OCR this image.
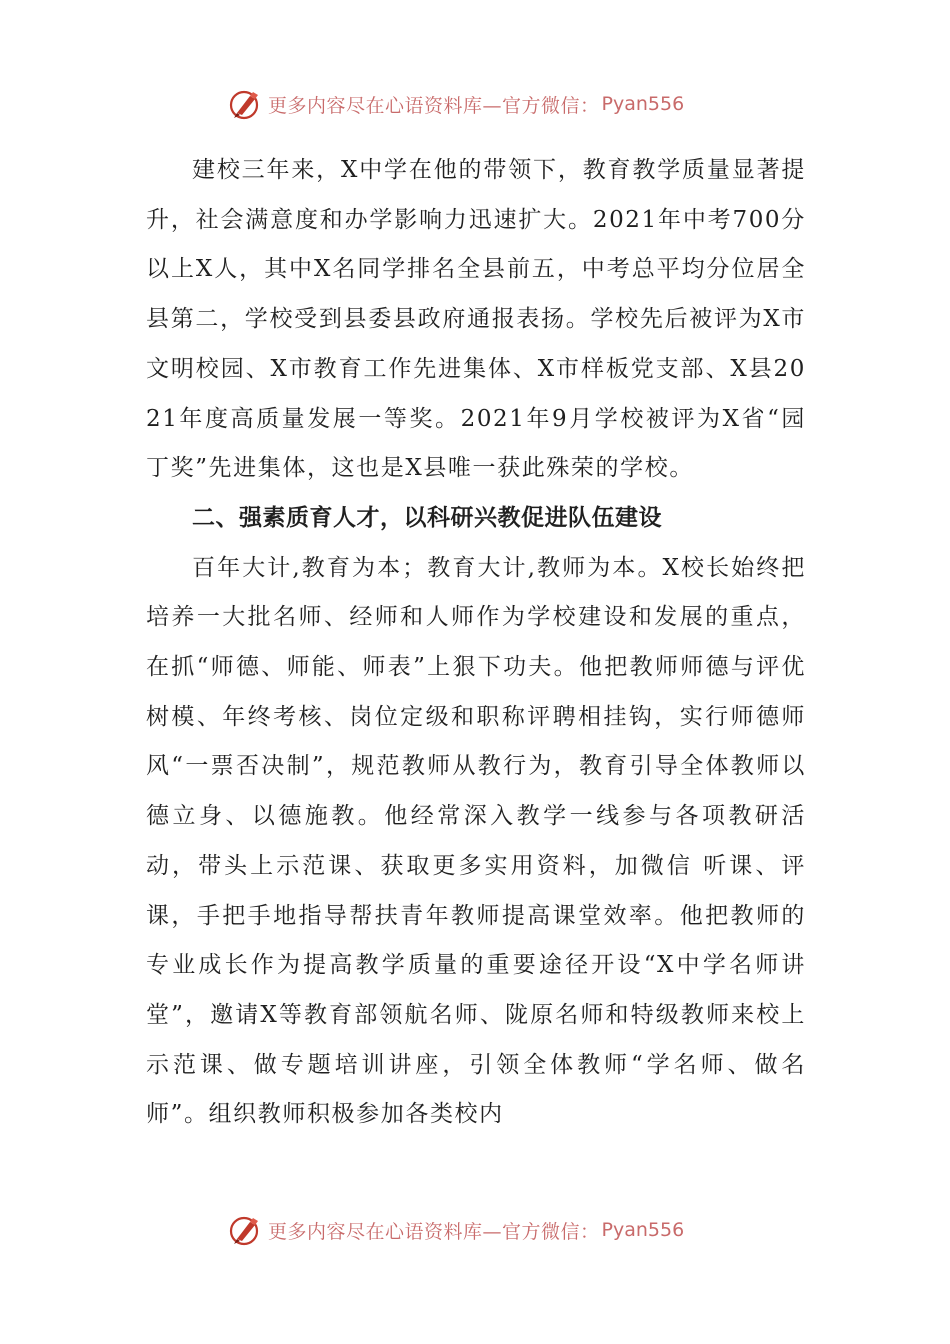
更多内容尽在心语资料库—官方微信： Pyan556

建校三年来，X中学在他的带领下，教育教学质量显著提升，社会满意度和办学影响力迅速扩大。2021年中考700分以上X人，其中X名同学排名全县前五，中考总平均分位居全县第二，学校受到县委县政府通报表扬。学校先后被评为X市文明校园、X市教育工作先进集体、X市样板党支部、X县2021年度高质量发展一等奖。2021年9月学校被评为X省“园丁奖”先进集体，这也是X县唯一获此殊荣的学校。

二、强素质育人才，以科研兴教促进队伍建设

百年大计,教育为本；教育大计,教师为本。X校长始终把培养一大批名师、经师和人师作为学校建设和发展的重点，在抓“师德、师能、师表”上狠下功夫。他把教师师德与评优树模、年终考核、岗位定级和职称评聘相挂钩，实行师德师风“一票否决制”，规范教师从教行为，教育引导全体教师以德立身、以德施教。他经常深入教学一线参与各项教研活动，带头上示范课、获取更多实用资料，加微信 听课、评课，手把手地指导帮扶青年教师提高课堂效率。他把教师的专业成长作为提高教学质量的重要途径开设“X中学名师讲堂”，邀请X等教育部领航名师、陇原名师和特级教师来校上示范课、做专题培训讲座，引领全体教师“学名师、做名师”。组织教师积极参加各类校内

更多内容尽在心语资料库—官方微信： Pyan556
